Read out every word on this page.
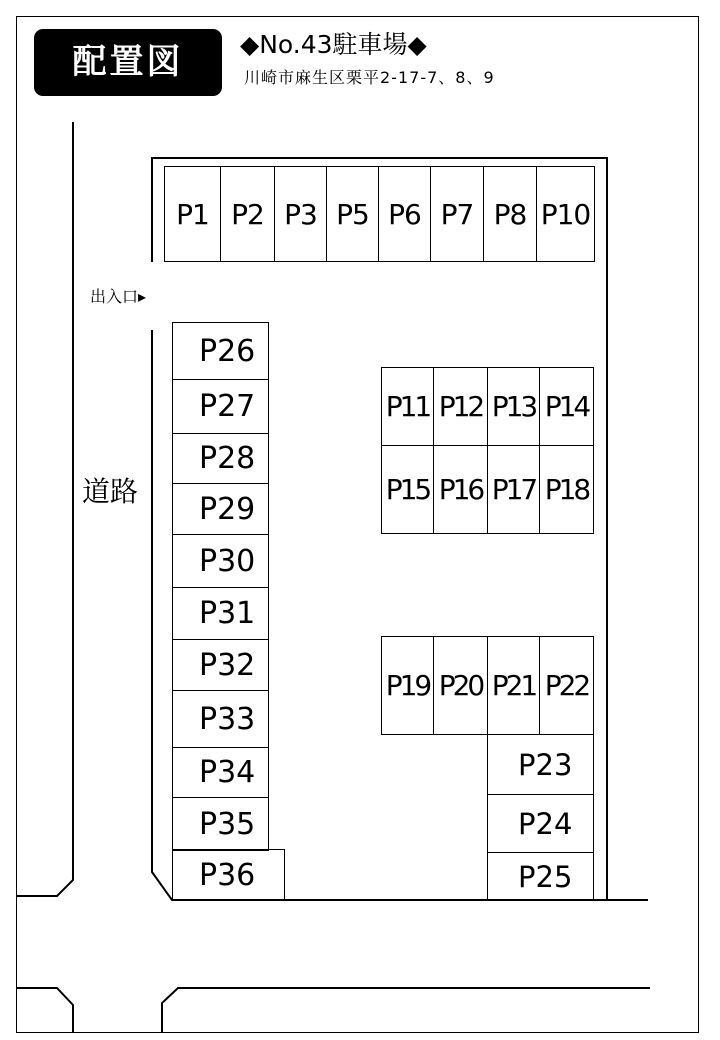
配置図	◆No.43駐車場◆
川崎市麻生区栗平2-17-7、8、9
出入口▸
道路
P1 P2 P3 P5 P6 P7 P8 P10
P26
P27
P28
P29
P30
P31
P32
P33
P34
P35
P36
P11 P12 P13 P14
P15 P16 P17 P18
P19 P20 P21 P22
P23
P24
P25
